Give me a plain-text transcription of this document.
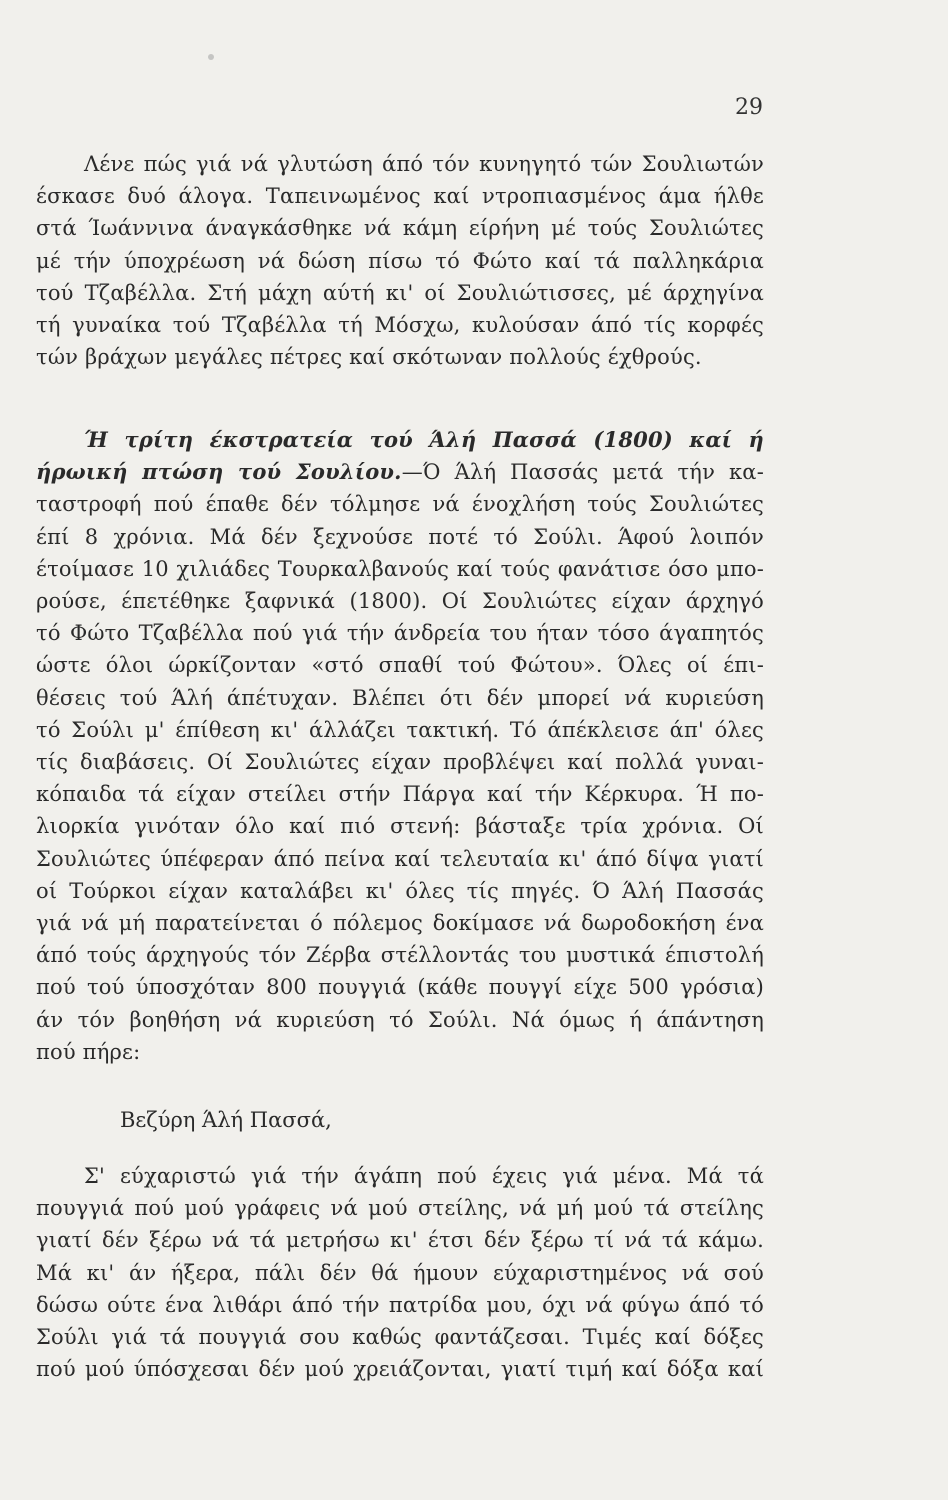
29
Λένε πώς γιά νά γλυτώση άπό τόν κυνηγητό τών Σουλιωτών
έσκασε δυό άλογα. Ταπεινωμένος καί ντροπιασμένος άμα ήλθε
στά Ίωάννινα άναγκάσθηκε νά κάμη είρήνη μέ τούς Σουλιώτες
μέ τήν ύποχρέωση νά δώση πίσω τό Φώτο καί τά παλληκάρια
τού Τζαβέλλα. Στή μάχη αύτή κι' οί Σουλιώτισσες, μέ άρχηγίνα
τή γυναίκα τού Τζαβέλλα τή Μόσχω, κυλούσαν άπό τίς κορφές
τών βράχων μεγάλες πέτρες καί σκότωναν πολλούς έχθρούς.
Ή τρίτη έκστρατεία τού Άλή Πασσά (1800) καί ή
ήρωική πτώση τού Σουλίου.—Ό Άλή Πασσάς μετά τήν κα-
ταστροφή πού έπαθε δέν τόλμησε νά ένοχλήση τούς Σουλιώτες
έπί 8 χρόνια. Μά δέν ξεχνούσε ποτέ τό Σούλι. Άφού λοιπόν
έτοίμασε 10 χιλιάδες Τουρκαλβανούς καί τούς φανάτισε όσο μπο-
ρούσε, έπετέθηκε ξαφνικά (1800). Οί Σουλιώτες είχαν άρχηγό
τό Φώτο Τζαβέλλα πού γιά τήν άνδρεία του ήταν τόσο άγαπητός
ώστε όλοι ώρκίζονταν «στό σπαθί τού Φώτου». Όλες οί έπι-
θέσεις τού Άλή άπέτυχαν. Βλέπει ότι δέν μπορεί νά κυριεύση
τό Σούλι μ' έπίθεση κι' άλλάζει τακτική. Τό άπέκλεισε άπ' όλες
τίς διαβάσεις. Οί Σουλιώτες είχαν προβλέψει καί πολλά γυναι-
κόπαιδα τά είχαν στείλει στήν Πάργα καί τήν Κέρκυρα. Ή πο-
λιορκία γινόταν όλο καί πιό στενή: βάσταξε τρία χρόνια. Οί
Σουλιώτες ύπέφεραν άπό πείνα καί τελευταία κι' άπό δίψα γιατί
οί Τούρκοι είχαν καταλάβει κι' όλες τίς πηγές. Ό Άλή Πασσάς
γιά νά μή παρατείνεται ό πόλεμος δοκίμασε νά δωροδοκήση ένα
άπό τούς άρχηγούς τόν Ζέρβα στέλλοντάς του μυστικά έπιστολή
πού τού ύποσχόταν 800 πουγγιά (κάθε πουγγί είχε 500 γρόσια)
άν τόν βοηθήση νά κυριεύση τό Σούλι. Νά όμως ή άπάντηση
πού πήρε:
Βεζύρη Άλή Πασσά,
Σ' εύχαριστώ γιά τήν άγάπη πού έχεις γιά μένα. Μά τά
πουγγιά πού μού γράφεις νά μού στείλης, νά μή μού τά στείλης
γιατί δέν ξέρω νά τά μετρήσω κι' έτσι δέν ξέρω τί νά τά κάμω.
Μά κι' άν ήξερα, πάλι δέν θά ήμουν εύχαριστημένος νά σού
δώσω ούτε ένα λιθάρι άπό τήν πατρίδα μου, όχι νά φύγω άπό τό
Σούλι γιά τά πουγγιά σου καθώς φαντάζεσαι. Τιμές καί δόξες
πού μού ύπόσχεσαι δέν μού χρειάζονται, γιατί τιμή καί δόξα καί
